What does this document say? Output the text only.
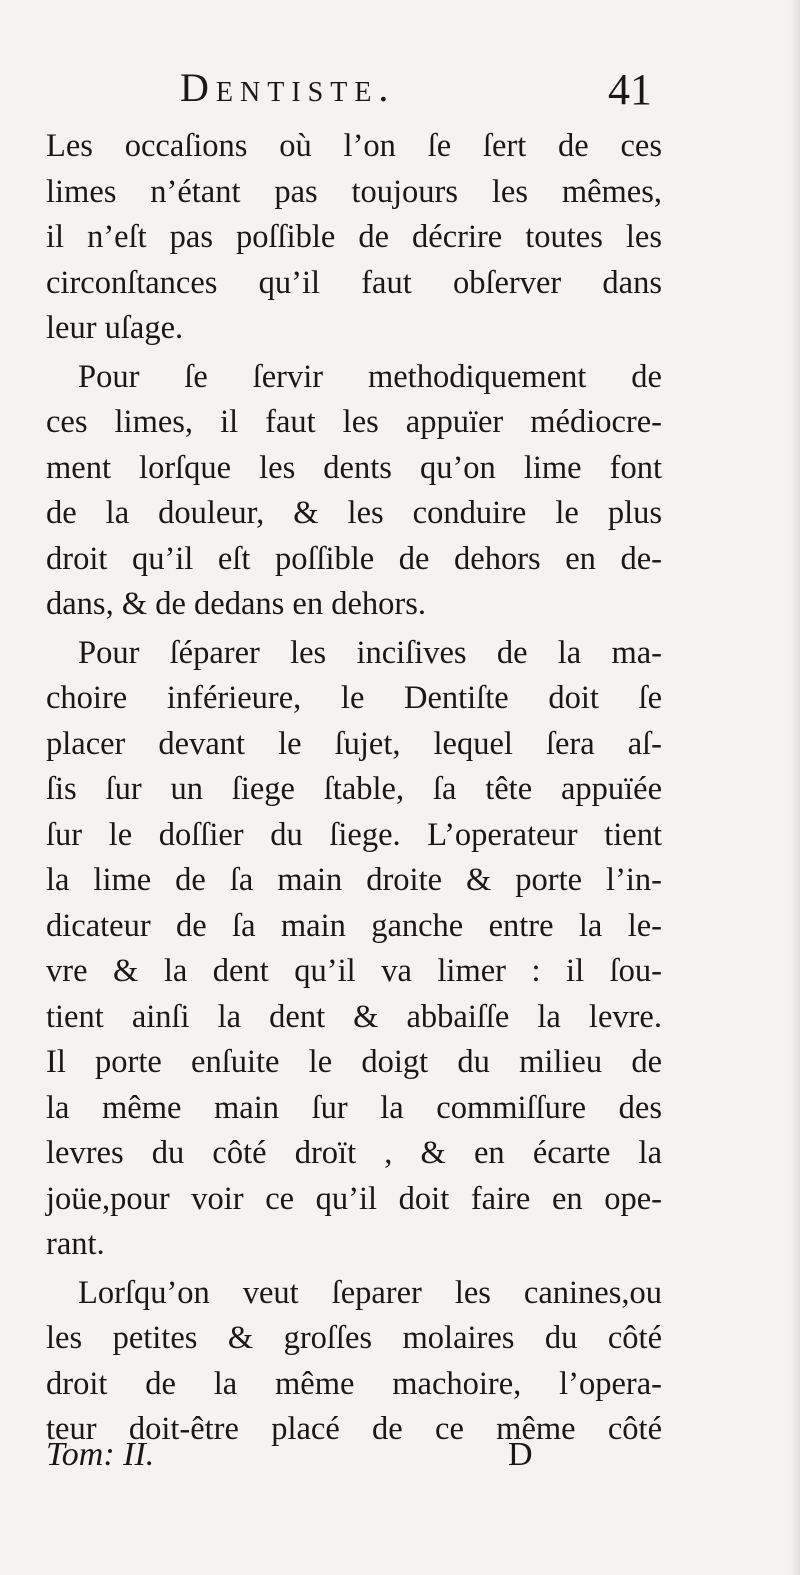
Dentiste.	41
Les occaſions où l’on ſe ſert de ces
limes n’étant pas toujours les mêmes,
il n’eſt pas poſſible de décrire toutes les
circonſtances qu’il faut obſerver dans
leur uſage.
Pour ſe ſervir methodiquement de
ces limes, il faut les appuïer médiocre-
ment lorſque les dents qu’on lime font
de la douleur, & les conduire le plus
droit qu’il eſt poſſible de dehors en de-
dans, & de dedans en dehors.
Pour ſéparer les inciſives de la ma-
choire inférieure, le Dentiſte doit ſe
placer devant le ſujet, lequel ſera aſ-
ſis ſur un ſiege ſtable, ſa tête appuïée
ſur le doſſier du ſiege. L’operateur tient
la lime de ſa main droite & porte l’in-
dicateur de ſa main ganche entre la le-
vre & la dent qu’il va limer : il ſou-
tient ainſi la dent & abbaiſſe la levre.
Il porte enſuite le doigt du milieu de
la même main ſur la commiſſure des
levres du côté droït , & en écarte la
joüe,pour voir ce qu’il doit faire en ope-
rant.
Lorſqu’on veut ſeparer les canines,ou
les petites & groſſes molaires du côté
droit de la même machoire, l’opera-
teur doit-être placé de ce même côté
Tom: II.	D
